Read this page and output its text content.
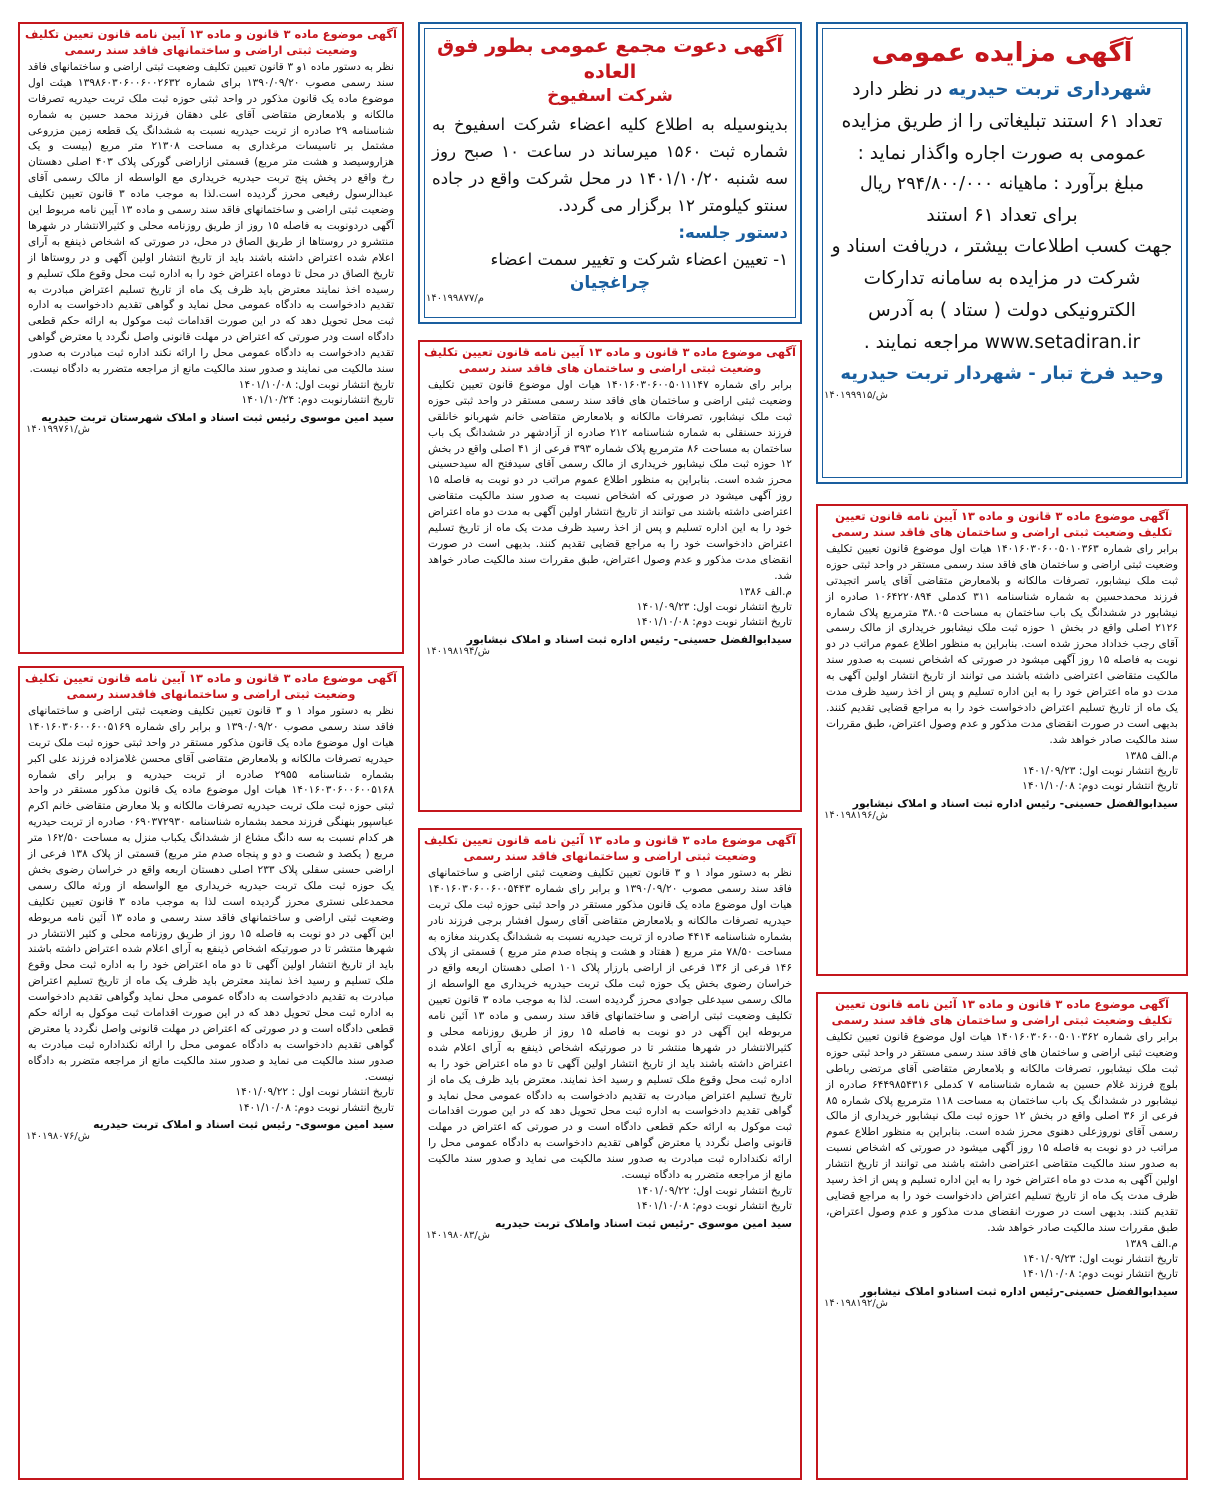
آگهی مزایده عمومی
شهرداری تربت حیدریه در نظر دارد
تعداد ۶۱ استند تبلیغاتی را از طریق مزایده
عمومی به صورت اجاره واگذار نماید :
مبلغ برآورد : ماهیانه ۲۹۴/۸۰۰/۰۰۰ ریال
برای تعداد ۶۱ استند
جهت کسب اطلاعات بیشتر ، دریافت اسناد و
شرکت در مزایده به سامانه تدارکات
الکترونیکی دولت ( ستاد ) به آدرس
www.setadiran.ir مراجعه نمایند .
وحید فرخ تبار - شهردار تربت حیدریه
۱۴۰۱۹۹۹۱۵/ش
آگهی دعوت مجمع عمومی بطور فوق العاده
شرکت اسفیوخ
بدینوسیله به اطلاع کلیه اعضاء شرکت اسفیوخ به شماره ثبت ۱۵۶۰ میرساند در ساعت ۱۰ صبح روز سه شنبه ۱۴۰۱/۱۰/۲۰ در محل شرکت واقع در جاده سنتو کیلومتر ۱۲ برگزار می گردد.
دستور جلسه:
۱- تعیین اعضاء شرکت و تغییر سمت اعضاء
چراغچیان
۱۴۰۱۹۹۸۷۷/م
آگهی موضوع ماده ۳ قانون و ماده ۱۳ آیین نامه قانون تعیین تکلیف وضعیت ثبتی اراضی و ساختمانهای فاقد سند رسمی

نظر به دستور ماده ۱و ۳ قانون تعیین تکلیف وضعیت ثبتی اراضی و ساختمانهای فاقد سند رسمی مصوب ۱۳۹۰/۰۹/۲۰ برای شماره ۱۳۹۸۶۰۳۰۶۰۰۶۰۰۲۶۳۲ هیئت اول موضوع ماده یک قانون مذکور در واحد ثبتی حوزه ثبت ملک تربت حیدریه تصرفات مالکانه و بلامعارض متقاضی آقای علی دهقان فرزند محمد حسین به شماره شناسنامه ۲۹ صادره از تربت حیدریه نسبت به ششدانگ یک قطعه زمین مزروعی مشتمل بر تاسیسات مرغداری به مساحت ۲۱۳۰۸ متر مربع (بیست و یک هزاروسیصد و هشت متر مربع) قسمتی ازاراضی گورکی پلاک ۴۰۳ اصلی دهستان رخ واقع در پخش پنج تربت حیدریه خریداری مع الواسطه از مالک رسمی آقای عبدالرسول رفیعی محرز گردیده است.لذا به موجب ماده ۳ قانون تعیین تکلیف وضعیت ثبتی اراضی و ساختمانهای فاقد سند رسمی و ماده ۱۳ آیین نامه مربوط این آگهی دردونوبت به فاصله ۱۵ روز از طریق روزنامه محلی و کثیرالانتشار در شهرها منتشرو در روستاها از طریق الصاق در محل، در صورتی که اشخاص ذینفع به آرای اعلام شده اعتراض داشته باشند باید از تاریخ انتشار اولین آگهی و در روستاها از تاریخ الصاق در محل تا دوماه اعتراض خود را به اداره ثبت محل وقوع ملک تسلیم و رسیده اخذ نمایند معترض باید ظرف یک ماه از تاریخ تسلیم اعتراض مبادرت به تقدیم دادخواست به دادگاه عمومی محل نماید و گواهی تقدیم دادخواست به اداره ثبت محل تحویل دهد که در این صورت اقدامات ثبت موکول به ارائه حکم قطعی دادگاه است ودر صورتی که اعتراض در مهلت قانونی واصل نگردد یا معترض گواهی تقدیم دادخواست به دادگاه عمومی محل را ارائه نکند اداره ثبت مبادرت به صدور سند مالکیت می نمایند و صدور سند مالکیت مانع از مراجعه متضرر به دادگاه نیست.

تاریخ انتشار نوبت اول: ۱۴۰۱/۱۰/۰۸
تاریخ انتشارنوبت دوم: ۱۴۰۱/۱۰/۲۴
سید امین موسوی رئیس ثبت اسناد و املاک شهرستان تربت حیدریه
۱۴۰۱۹۹۷۶۱/ش
آگهی موضوع ماده ۳ قانون و ماده ۱۳ آیین نامه قانون تعیین تکلیف وضعیت ثبتی اراضی و ساختمان های فاقد سند رسمی

برابر رای شماره ۱۴۰۱۶۰۳۰۶۰۰۵۰۱۱۱۴۷ هیات اول موضوع قانون تعیین تکلیف وضعیت ثبتی اراضی و ساختمان های فاقد سند رسمی مستقر در واحد ثبتی حوزه ثبت ملک نیشابور، تصرفات مالکانه و بلامعارض متقاضی خانم شهربانو خانلقی فرزند حسنقلی به شماره شناسنامه ۲۱۲ صادره از آزادشهر در ششدانگ یک باب ساختمان به مساحت ۸۶ مترمربع پلاک شماره ۳۹۳ فرعی از ۴۱ اصلی واقع در بخش ۱۲ حوزه ثبت ملک نیشابور خریداری از مالک رسمی آقای سیدفتح اله سیدحسینی محرز شده است. بنابراین به منظور اطلاع عموم مراتب در دو نوبت به فاصله ۱۵ روز آگهی میشود در صورتی که اشخاص نسبت به صدور سند مالکیت متقاضی اعتراضی داشته باشند می توانند از تاریخ انتشار اولین آگهی به مدت دو ماه اعتراض خود را به این اداره تسلیم و پس از اخذ رسید ظرف مدت یک ماه از تاریخ تسلیم اعتراض دادخواست خود را به مراجع قضایی تقدیم کنند. بدیهی است در صورت انقضای مدت مذکور و عدم وصول اعتراض، طبق مقررات سند مالکیت صادر خواهد شد.

م.الف ۱۳۸۶
تاریخ انتشار نوبت اول: ۱۴۰۱/۰۹/۲۳
تاریخ انتشار نوبت دوم: ۱۴۰۱/۱۰/۰۸
سیدابوالفضل حسینی- رئیس اداره ثبت اسناد و املاک نیشابور
۱۴۰۱۹۸۱۹۴/ش
آگهی موضوع ماده ۳ قانون و ماده ۱۳ آیین نامه قانون تعیین تکلیف وضعیت ثبتی اراضی و ساختمان های فاقد سند رسمی

برابر رای شماره ۱۴۰۱۶۰۳۰۶۰۰۵۰۱۰۳۶۳ هیات اول موضوع قانون تعیین تکلیف وضعیت ثبتی اراضی و ساختمان های فاقد سند رسمی مستقر در واحد ثبتی حوزه ثبت ملک نیشابور، تصرفات مالکانه و بلامعارض متقاضی آقای یاسر اتجیدتی فرزند محمدحسین به شماره شناسنامه ۳۱۱ کدملی ۱۰۶۴۲۲۰۸۹۴ صادره از نیشابور در ششدانگ یک باب ساختمان به مساحت ۳۸.۰۵ مترمربع پلاک شماره ۲۱۲۶ اصلی واقع در بخش ۱ حوزه ثبت ملک نیشابور خریداری از مالک رسمی آقای رجب خداداد محرز شده است. بنابراین به منظور اطلاع عموم مراتب در دو نوبت به فاصله ۱۵ روز آگهی میشود در صورتی که اشخاص نسبت به صدور سند مالکیت متقاضی اعتراضی داشته باشند می توانند از تاریخ انتشار اولین آگهی به مدت دو ماه اعتراض خود را به این اداره تسلیم و پس از اخذ رسید ظرف مدت یک ماه از تاریخ تسلیم اعتراض دادخواست خود را به مراجع قضایی تقدیم کنند. بدیهی است در صورت انقضای مدت مذکور و عدم وصول اعتراض، طبق مقررات سند مالکیت صادر خواهد شد.

م.الف ۱۳۸۵
تاریخ انتشار نوبت اول: ۱۴۰۱/۰۹/۲۳
تاریخ انتشار نوبت دوم: ۱۴۰۱/۱۰/۰۸
سیدابوالفضل حسینی- رئیس اداره ثبت اسناد و املاک نیشابور
۱۴۰۱۹۸۱۹۶/ش
آگهی موضوع ماده ۳ قانون و ماده ۱۳ آیین نامه قانون تعیین تکلیف وضعیت ثبتی اراضی و ساختمانهای فاقدسند رسمی

نظر به دستور مواد ۱ و ۳ قانون تعیین تکلیف وضعیت ثبتی اراضی و ساختمانهای فاقد سند رسمی مصوب ۱۳۹۰/۰۹/۲۰ و برابر رای شماره ۱۴۰۱۶۰۳۰۶۰۰۶۰۰۵۱۶۹ هیات اول موضوع ماده یک قانون مذکور مستقر در واحد ثبتی حوزه ثبت ملک تربت حیدریه تصرفات مالکانه و بلامعارض متقاضی آقای محسن غلامزاده فرزند علی اکبر بشماره شناسنامه ۲۹۵۵ صادره از تربت حیدریه و برابر رای شماره ۱۴۰۱۶۰۳۰۶۰۰۶۰۰۵۱۶۸ هیات اول موضوع ماده یک قانون مذکور مستقر در واحد ثبتی حوزه ثبت ملک تربت حیدریه تصرفات مالکانه و بلا معارض متقاضی خانم اکرم عباسپور بنهنگی فرزند محمد بشماره شناسنامه ۰۶۹۰۳۷۲۹۳۰ صادره از تربت حیدریه هر کدام نسبت به سه دانگ مشاع از ششدانگ یکباب منزل به مساحت ۱۶۲/۵۰ متر مربع ( یکصد و شصت و دو و پنجاه صدم متر مربع) قسمتی از پلاک ۱۳۸ فرعی از اراضی حسنی سفلی پلاک ۲۳۳ اصلی دهستان اربعه واقع در خراسان رضوی بخش یک حوزه ثبت ملک تربت حیدریه خریداری مع الواسطه از ورثه مالک رسمی محمدعلی نستری محرز گردیده است لذا به موجب ماده ۳ قانون تعیین تکلیف وضعیت ثبتی اراضی و ساختمانهای فاقد سند رسمی و ماده ۱۳ آئین نامه مربوطه این آگهی در دو نوبت به فاصله ۱۵ روز از طریق روزنامه محلی و کثیر الانتشار در شهرها منتشر تا در صورتیکه اشخاص ذینفع به آرای اعلام شده اعتراض داشته باشند باید از تاریخ انتشار اولین آگهی تا دو ماه اعتراض خود را به اداره ثبت محل وقوع ملک تسلیم و رسید اخذ نمایند معترض باید ظرف یک ماه از تاریخ تسلیم اعتراض مبادرت به تقدیم دادخواست به دادگاه عمومی محل نماید وگواهی تقدیم دادخواست به اداره ثبت محل تحویل دهد که در این صورت اقدامات ثبت موکول به ارائه حکم قطعی دادگاه است و در صورتی که اعتراض در مهلت قانونی واصل نگردد یا معترض گواهی تقدیم دادخواست به دادگاه عمومی محل را ارائه نکنداداره ثبت مبادرت به صدور سند مالکیت می نماید و صدور سند مالکیت مانع از مراجعه متضرر به دادگاه نیست.

تاریخ انتشار نوبت اول : ۱۴۰۱/۰۹/۲۲
تاریخ انتشار نوبت دوم: ۱۴۰۱/۱۰/۰۸
سید امین موسوی- رئیس ثبت اسناد و املاک تربت حیدریه
۱۴۰۱۹۸۰۷۶/ش
آگهی موضوع ماده ۳ قانون و ماده ۱۳ آئین نامه قانون تعیین تکلیف وضعیت ثبتی اراضی و ساختمانهای فاقد سند رسمی

نظر به دستور مواد ۱ و ۳ قانون تعیین تکلیف وضعیت ثبتی اراضی و ساختمانهای فاقد سند رسمی مصوب ۱۳۹۰/۰۹/۲۰ و برابر رای شماره ۱۴۰۱۶۰۳۰۶۰۰۶۰۰۵۴۴۳ هیات اول موضوع ماده یک قانون مذکور مستقر در واحد ثبتی حوزه ثبت ملک تربت حیدریه تصرفات مالکانه و بلامعارض متقاضی آقای رسول افشار برجی فرزند نادر بشماره شناسنامه ۴۴۱۴ صادره از تربت حیدریه نسبت به ششدانگ یکدربند مغازه به مساحت ۷۸/۵۰ متر مربع ( هفتاد و هشت و پنجاه صدم متر مربع ) قسمتی از پلاک ۱۴۶ فرعی از ۱۳۶ فرعی از اراضی بارزار پلاک ۱۰۱ اصلی دهستان اربعه واقع در خراسان رضوی بخش یک حوزه ثبت ملک تربت حیدریه خریداری مع الواسطه از مالک رسمی سیدعلی جوادی محرز گردیده است. لذا به موجب ماده ۳ قانون تعیین تکلیف وضعیت ثبتی اراضی و ساختمانهای فاقد سند رسمی و ماده ۱۳ آئین نامه مربوطه این آگهی در دو نوبت به فاصله ۱۵ روز از طریق روزنامه محلی و کثیرالانتشار در شهرها منتشر تا در صورتیکه اشخاص ذینفع به آرای اعلام شده اعتراض داشته باشند باید از تاریخ انتشار اولین آگهی تا دو ماه اعتراض خود را به اداره ثبت محل وقوع ملک تسلیم و رسید اخذ نمایند. معترض باید ظرف یک ماه از تاریخ تسلیم اعتراض مبادرت به تقدیم دادخواست به دادگاه عمومی محل نماید و گواهی تقدیم دادخواست به اداره ثبت محل تحویل دهد که در این صورت اقدامات ثبت موکول به ارائه حکم قطعی دادگاه است و در صورتی که اعتراض در مهلت قانونی واصل نگردد یا معترض گواهی تقدیم دادخواست به دادگاه عمومی محل را ارائه نکنداداره ثبت مبادرت به صدور سند مالکیت می نماید و صدور سند مالکیت مانع از مراجعه متضرر به دادگاه نیست.

تاریخ انتشار نوبت اول: ۱۴۰۱/۰۹/۲۲
تاریخ انتشار نوبت دوم: ۱۴۰۱/۱۰/۰۸
سید امین موسوی -رئیس ثبت اسناد واملاک تربت حیدریه
۱۴۰۱۹۸۰۸۳/ش
آگهی موضوع ماده ۳ قانون و ماده ۱۳ آئین نامه قانون تعیین تکلیف وضعیت ثبتی اراضی و ساختمان های فاقد سند رسمی

برابر رای شماره ۱۴۰۱۶۰۳۰۶۰۰۵۰۱۰۳۶۲ هیات اول موضوع قانون تعیین تکلیف وضعیت ثبتی اراضی و ساختمان های فاقد سند رسمی مستقر در واحد ثبتی حوزه ثبت ملک نیشابور، تصرفات مالکانه و بلامعارض متقاضی آقای مرتضی رباطی بلوچ فرزند غلام حسین به شماره شناسنامه ۷ کدملی ۶۴۴۹۸۵۴۳۱۶ صادره از نیشابور در ششدانگ یک باب ساختمان به مساحت ۱۱۸ مترمربع پلاک شماره ۸۵ فرعی از ۳۶ اصلی واقع در بخش ۱۲ حوزه ثبت ملک نیشابور خریداری از مالک رسمی آقای نوروزعلی دهنوی محرز شده است. بنابراین به منظور اطلاع عموم مراتب در دو نوبت به فاصله ۱۵ روز آگهی میشود در صورتی که اشخاص نسبت به صدور سند مالکیت متقاضی اعتراضی داشته باشند می توانند از تاریخ انتشار اولین آگهی به مدت دو ماه اعتراض خود را به این اداره تسلیم و پس از اخذ رسید ظرف مدت یک ماه از تاریخ تسلیم اعتراض دادخواست خود را به مراجع قضایی تقدیم کنند. بدیهی است در صورت انقضای مدت مذکور و عدم وصول اعتراض، طبق مقررات سند مالکیت صادر خواهد شد.

م.الف ۱۳۸۹
تاریخ انتشار نوبت اول: ۱۴۰۱/۰۹/۲۳
تاریخ انتشار نوبت دوم: ۱۴۰۱/۱۰/۰۸
سیدابوالفضل حسینی-رئیس اداره ثبت اسنادو املاک نیشابور
۱۴۰۱۹۸۱۹۲/ش
